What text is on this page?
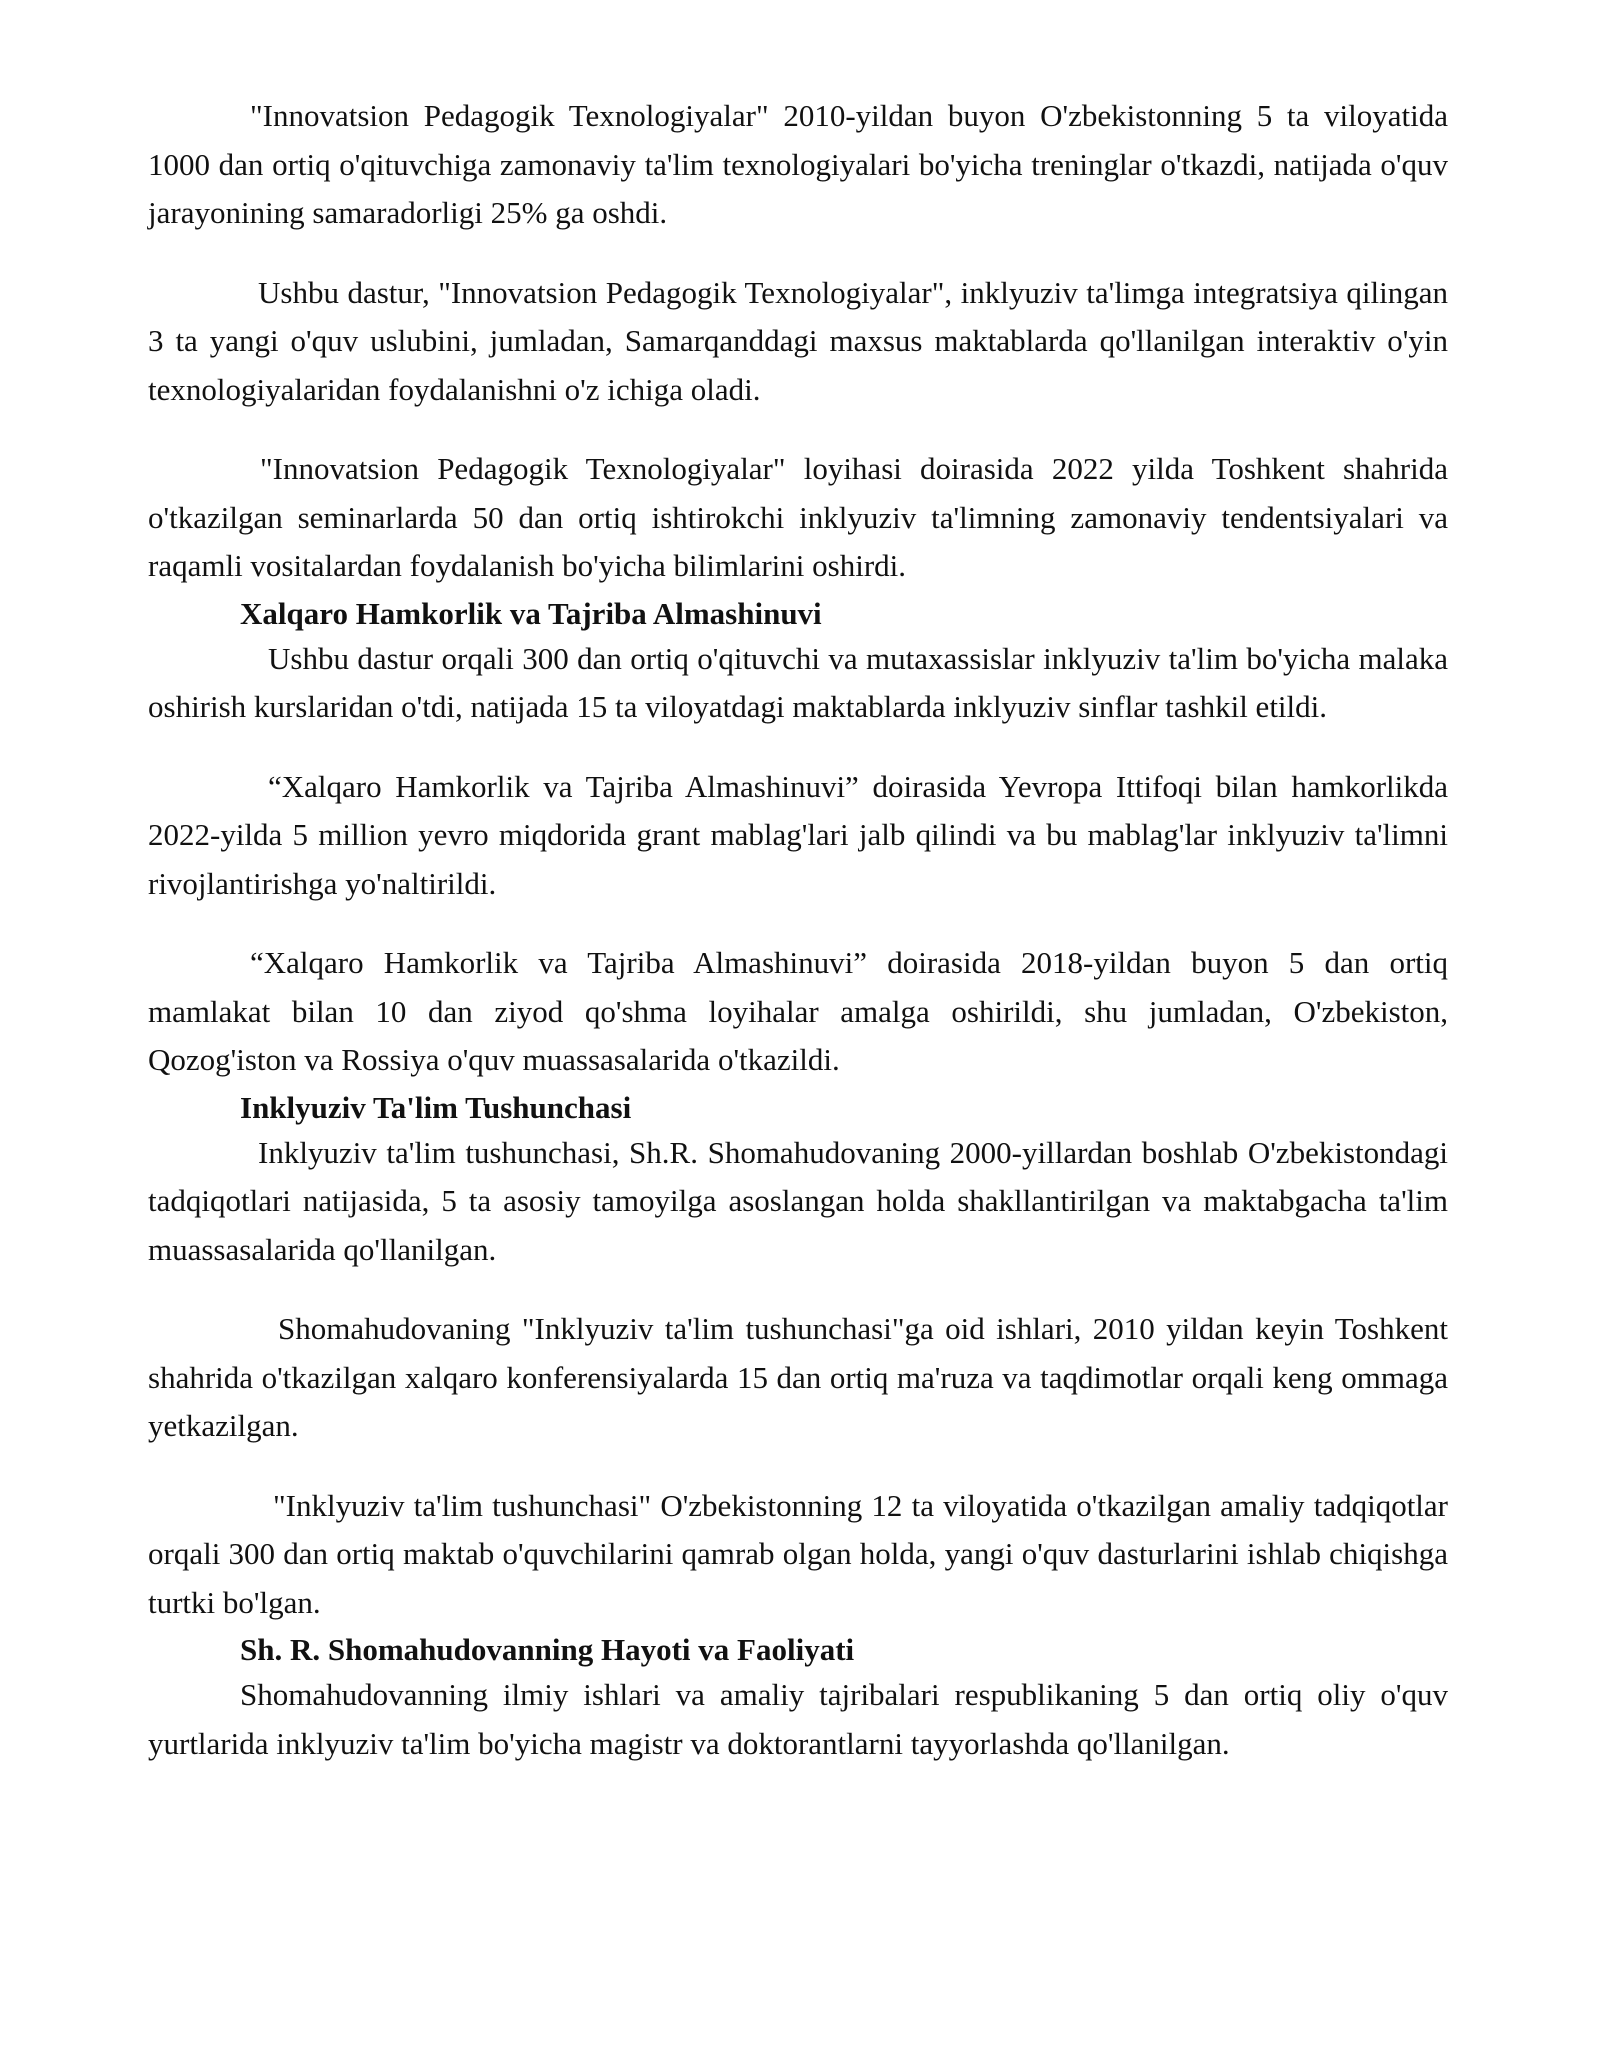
"Innovatsion Pedagogik Texnologiyalar" 2010-yildan buyon O'zbekistonning 5 ta viloyatida 1000 dan ortiq o'qituvchiga zamonaviy ta'lim texnologiyalari bo'yicha treninglar o'tkazdi, natijada o'quv jarayonining samaradorligi 25% ga oshdi.

Ushbu dastur, "Innovatsion Pedagogik Texnologiyalar", inklyuziv ta'limga integratsiya qilingan 3 ta yangi o'quv uslubini, jumladan, Samarqanddagi maxsus maktablarda qo'llanilgan interaktiv o'yin texnologiyalaridan foydalanishni o'z ichiga oladi.

"Innovatsion Pedagogik Texnologiyalar" loyihasi doirasida 2022 yilda Toshkent shahrida o'tkazilgan seminarlarda 50 dan ortiq ishtirokchi inklyuziv ta'limning zamonaviy tendentsiyalari va raqamli vositalardan foydalanish bo'yicha bilimlarini oshirdi.

Xalqaro Hamkorlik va Tajriba Almashinuvi

Ushbu dastur orqali 300 dan ortiq o'qituvchi va mutaxassislar inklyuziv ta'lim bo'yicha malaka oshirish kurslaridan o'tdi, natijada 15 ta viloyatdagi maktablarda inklyuziv sinflar tashkil etildi.

“Xalqaro Hamkorlik va Tajriba Almashinuvi” doirasida Yevropa Ittifoqi bilan hamkorlikda 2022-yilda 5 million yevro miqdorida grant mablag'lari jalb qilindi va bu mablag'lar inklyuziv ta'limni rivojlantirishga yo'naltirildi.

“Xalqaro Hamkorlik va Tajriba Almashinuvi” doirasida 2018-yildan buyon 5 dan ortiq mamlakat bilan 10 dan ziyod qo'shma loyihalar amalga oshirildi, shu jumladan, O'zbekiston, Qozog'iston va Rossiya o'quv muassasalarida o'tkazildi.

Inklyuziv Ta'lim Tushunchasi

Inklyuziv ta'lim tushunchasi, Sh.R. Shomahudovaning 2000-yillardan boshlab O'zbekistondagi tadqiqotlari natijasida, 5 ta asosiy tamoyilga asoslangan holda shakllantirilgan va maktabgacha ta'lim muassasalarida qo'llanilgan.

Shomahudovaning "Inklyuziv ta'lim tushunchasi"ga oid ishlari, 2010 yildan keyin Toshkent shahrida o'tkazilgan xalqaro konferensiyalarda 15 dan ortiq ma'ruza va taqdimotlar orqali keng ommaga yetkazilgan.

"Inklyuziv ta'lim tushunchasi" O'zbekistonning 12 ta viloyatida o'tkazilgan amaliy tadqiqotlar orqali 300 dan ortiq maktab o'quvchilarini qamrab olgan holda, yangi o'quv dasturlarini ishlab chiqishga turtki bo'lgan.

Sh. R. Shomahudovanning Hayoti va Faoliyati

Shomahudovanning ilmiy ishlari va amaliy tajribalari respublikaning 5 dan ortiq oliy o'quv yurtlarida inklyuziv ta'lim bo'yicha magistr va doktorantlarni tayyorlashda qo'llanilgan.
